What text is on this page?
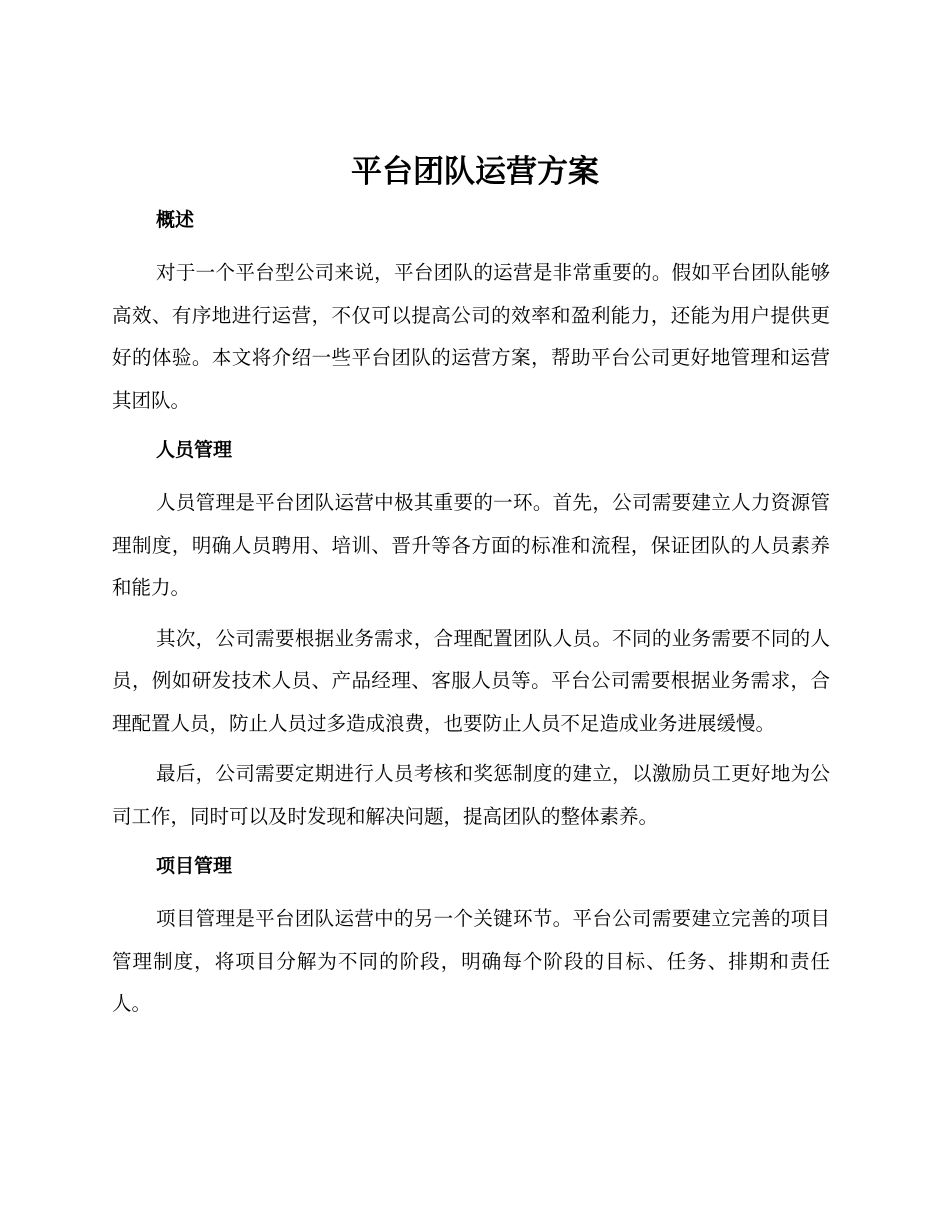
平台团队运营方案
概述

对于一个平台型公司来说，平台团队的运营是非常重要的。假如平台团队能够高效、有序地进行运营，不仅可以提高公司的效率和盈利能力，还能为用户提供更好的体验。本文将介绍一些平台团队的运营方案，帮助平台公司更好地管理和运营其团队。

人员管理

人员管理是平台团队运营中极其重要的一环。首先，公司需要建立人力资源管理制度，明确人员聘用、培训、晋升等各方面的标准和流程，保证团队的人员素养和能力。

其次，公司需要根据业务需求，合理配置团队人员。不同的业务需要不同的人员，例如研发技术人员、产品经理、客服人员等。平台公司需要根据业务需求，合理配置人员，防止人员过多造成浪费，也要防止人员不足造成业务进展缓慢。

最后，公司需要定期进行人员考核和奖惩制度的建立，以激励员工更好地为公司工作，同时可以及时发现和解决问题，提高团队的整体素养。

项目管理

项目管理是平台团队运营中的另一个关键环节。平台公司需要建立完善的项目管理制度，将项目分解为不同的阶段，明确每个阶段的目标、任务、排期和责任人。
